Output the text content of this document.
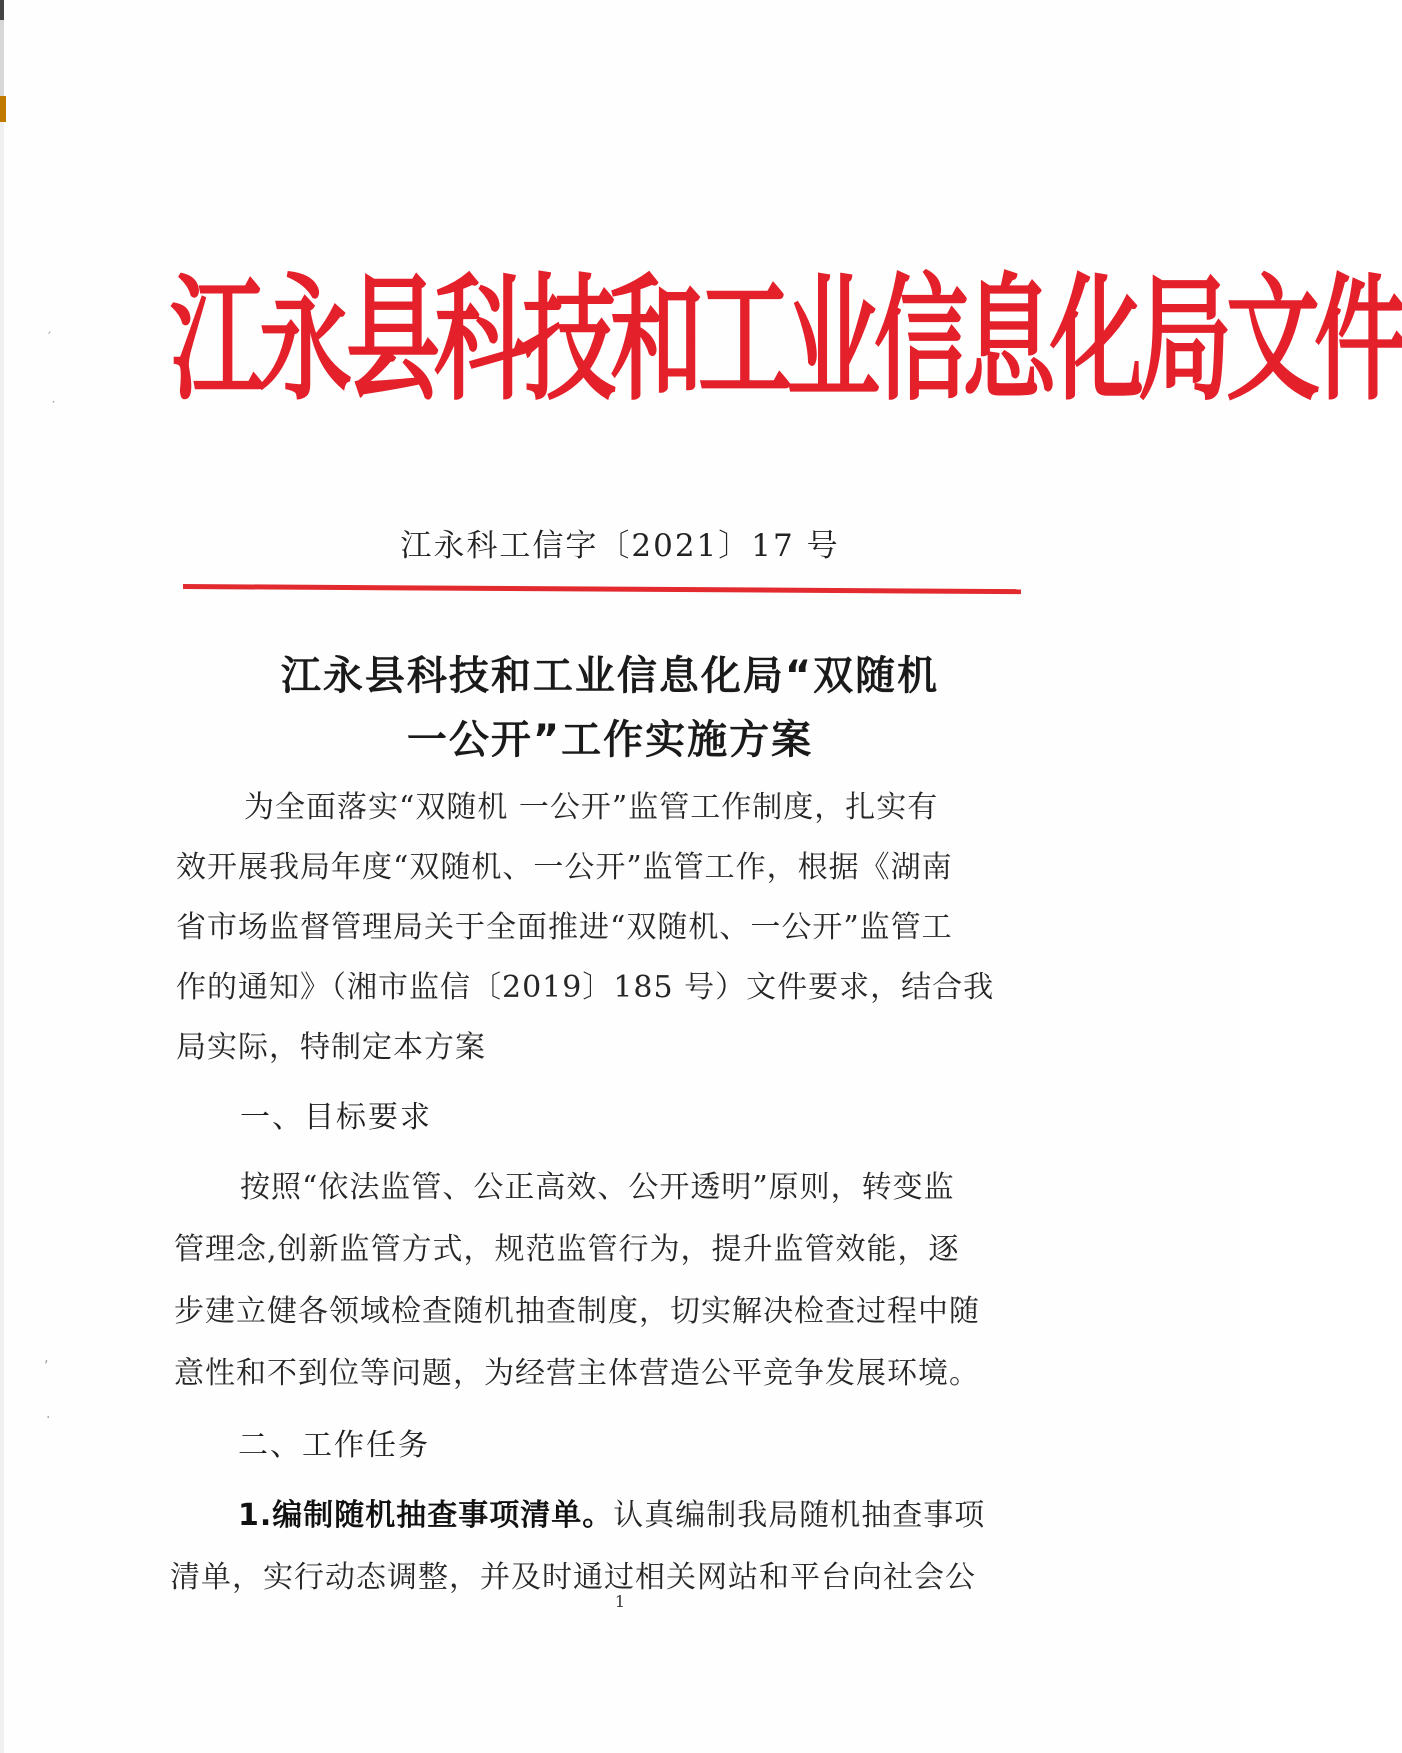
′
˙
‚
·
江永县科技和工业信息化局文件
江永科工信字〔2021〕17 号
江永县科技和工业信息化局“双随机
一公开”工作实施方案
为全面落实“双随机 一公开”监管工作制度，扎实有
效开展我局年度“双随机、一公开”监管工作，根据《湖南
省市场监督管理局关于全面推进“双随机、一公开”监管工
作的通知》（湘市监信〔2019〕185 号）文件要求，结合我
局实际，特制定本方案
一、目标要求
按照“依法监管、公正高效、公开透明”原则，转变监
管理念,创新监管方式，规范监管行为，提升监管效能，逐
步建立健各领域检查随机抽查制度，切实解决检查过程中随
意性和不到位等问题，为经营主体营造公平竞争发展环境。
二、工作任务
1.编制随机抽查事项清单。认真编制我局随机抽查事项
清单，实行动态调整，并及时通过相关网站和平台向社会公
1
